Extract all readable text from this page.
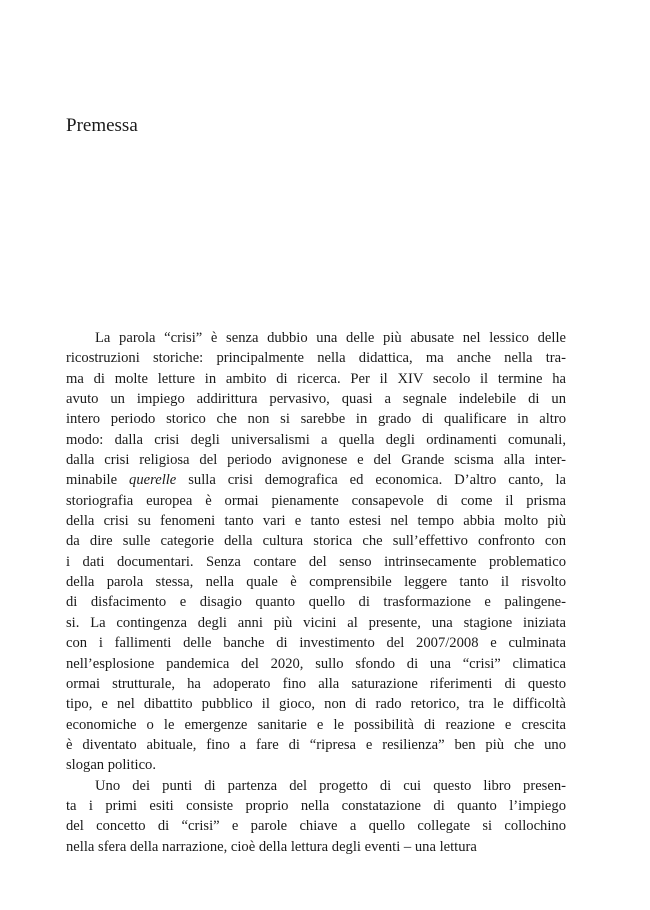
Premessa
La parola “crisi” è senza dubbio una delle più abusate nel lessico delle
ricostruzioni storiche: principalmente nella didattica, ma anche nella tra-
ma di molte letture in ambito di ricerca. Per il XIV secolo il termine ha
avuto un impiego addirittura pervasivo, quasi a segnale indelebile di un
intero periodo storico che non si sarebbe in grado di qualificare in altro
modo: dalla crisi degli universalismi a quella degli ordinamenti comunali,
dalla crisi religiosa del periodo avignonese e del Grande scisma alla inter-
minabile querelle sulla crisi demografica ed economica. D’altro canto, la
storiografia europea è ormai pienamente consapevole di come il prisma
della crisi su fenomeni tanto vari e tanto estesi nel tempo abbia molto più
da dire sulle categorie della cultura storica che sull’effettivo confronto con
i dati documentari. Senza contare del senso intrinsecamente problematico
della parola stessa, nella quale è comprensibile leggere tanto il risvolto
di disfacimento e disagio quanto quello di trasformazione e palingene-
si. La contingenza degli anni più vicini al presente, una stagione iniziata
con i fallimenti delle banche di investimento del 2007/2008 e culminata
nell’esplosione pandemica del 2020, sullo sfondo di una “crisi” climatica
ormai strutturale, ha adoperato fino alla saturazione riferimenti di questo
tipo, e nel dibattito pubblico il gioco, non di rado retorico, tra le difficoltà
economiche o le emergenze sanitarie e le possibilità di reazione e crescita
è diventato abituale, fino a fare di “ripresa e resilienza” ben più che uno
slogan politico.
Uno dei punti di partenza del progetto di cui questo libro presen-
ta i primi esiti consiste proprio nella constatazione di quanto l’impiego
del concetto di “crisi” e parole chiave a quello collegate si collochino
nella sfera della narrazione, cioè della lettura degli eventi – una lettura
